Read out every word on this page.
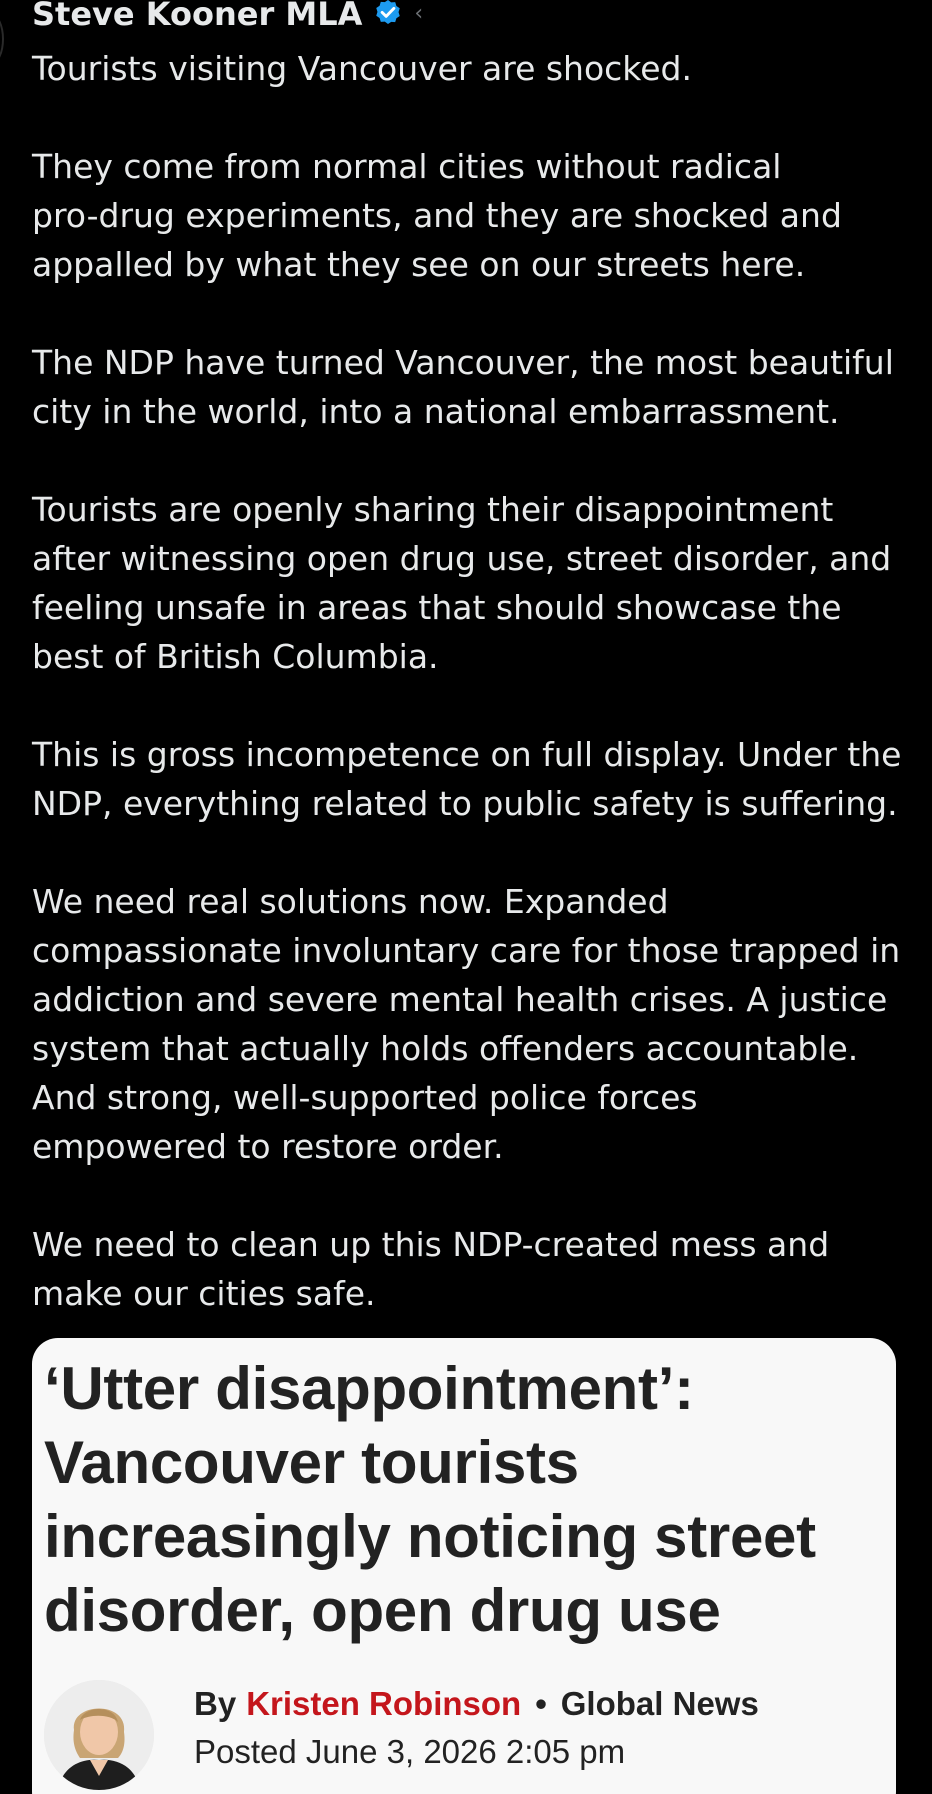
Steve Kooner MLA ‹

Tourists visiting Vancouver are shocked.

They come from normal cities without radical
pro-drug experiments, and they are shocked and
appalled by what they see on our streets here.

The NDP have turned Vancouver, the most beautiful
city in the world, into a national embarrassment.

Tourists are openly sharing their disappointment
after witnessing open drug use, street disorder, and
feeling unsafe in areas that should showcase the
best of British Columbia.

This is gross incompetence on full display. Under the
NDP, everything related to public safety is suffering.

We need real solutions now. Expanded
compassionate involuntary care for those trapped in
addiction and severe mental health crises. A justice
system that actually holds offenders accountable.
And strong, well-supported police forces
empowered to restore order.

We need to clean up this NDP-created mess and
make our cities safe.

‘Utter disappointment’:
Vancouver tourists
increasingly noticing street
disorder, open drug use
By Kristen Robinson • Global News
Posted June 3, 2026 2:05 pm
